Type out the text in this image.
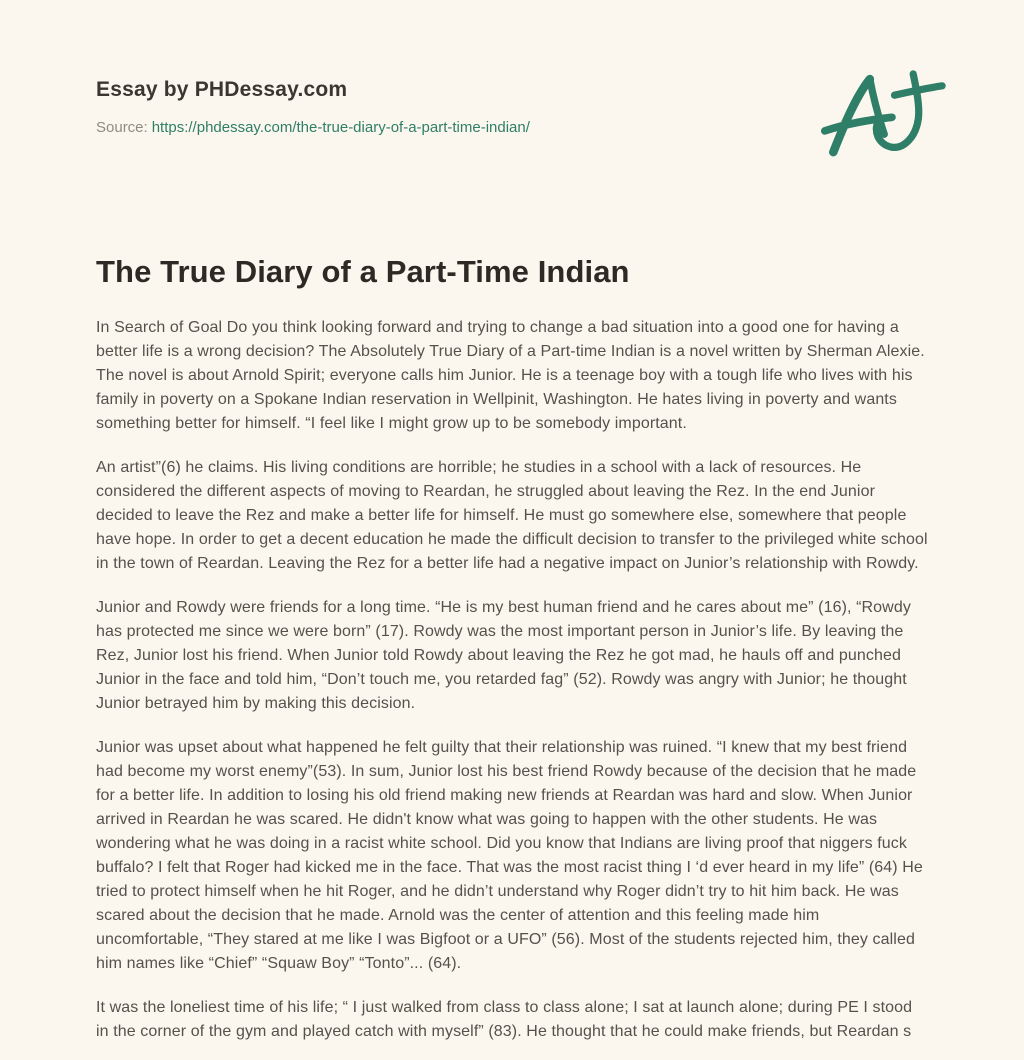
Essay by PHDessay.com
Source: https://phdessay.com/the-true-diary-of-a-part-time-indian/
The True Diary of a Part-Time Indian

In Search of Goal Do you think looking forward and trying to change a bad situation into a good one for having a better life is a wrong decision? The Absolutely True Diary of a Part-time Indian is a novel written by Sherman Alexie. The novel is about Arnold Spirit; everyone calls him Junior. He is a teenage boy with a tough life who lives with his family in poverty on a Spokane Indian reservation in Wellpinit, Washington. He hates living in poverty and wants something better for himself. “I feel like I might grow up to be somebody important.

An artist”(6) he claims. His living conditions are horrible; he studies in a school with a lack of resources. He considered the different aspects of moving to Reardan, he struggled about leaving the Rez. In the end Junior decided to leave the Rez and make a better life for himself. He must go somewhere else, somewhere that people have hope. In order to get a decent education he made the difficult decision to transfer to the privileged white school in the town of Reardan. Leaving the Rez for a better life had a negative impact on Junior’s relationship with Rowdy.

Junior and Rowdy were friends for a long time. “He is my best human friend and he cares about me” (16), “Rowdy has protected me since we were born” (17). Rowdy was the most important person in Junior’s life. By leaving the Rez, Junior lost his friend. When Junior told Rowdy about leaving the Rez he got mad, he hauls off and punched Junior in the face and told him, “Don’t touch me, you retarded fag” (52). Rowdy was angry with Junior; he thought Junior betrayed him by making this decision.

Junior was upset about what happened he felt guilty that their relationship was ruined. “I knew that my best friend had become my worst enemy”(53). In sum, Junior lost his best friend Rowdy because of the decision that he made for a better life. In addition to losing his old friend making new friends at Reardan was hard and slow. When Junior arrived in Reardan he was scared. He didn't know what was going to happen with the other students. He was wondering what he was doing in a racist white school. Did you know that Indians are living proof that niggers fuck buffalo? I felt that Roger had kicked me in the face. That was the most racist thing I ‘d ever heard in my life” (64) He tried to protect himself when he hit Roger, and he didn’t understand why Roger didn’t try to hit him back. He was scared about the decision that he made. Arnold was the center of attention and this feeling made him uncomfortable, “They stared at me like I was Bigfoot or a UFO” (56). Most of the students rejected him, they called him names like “Chief” “Squaw Boy” “Tonto”... (64).

It was the loneliest time of his life; “ I just walked from class to class alone; I sat at launch alone; during PE I stood in the corner of the gym and played catch with myself” (83). He thought that he could make friends, but Reardan s
